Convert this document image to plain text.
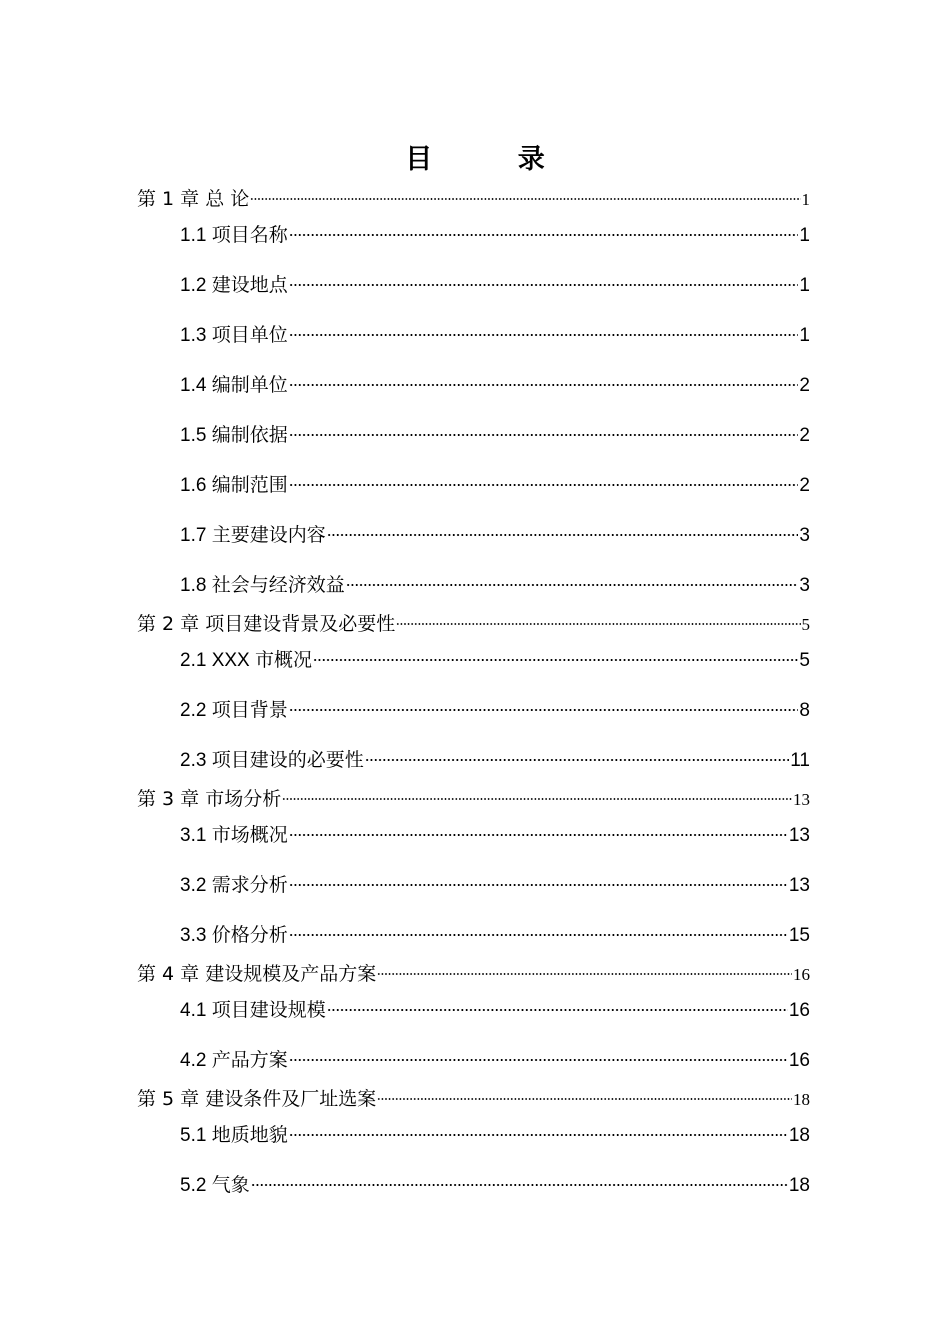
目 录
第 1 章 总 论	1
1.1 项目名称	1
1.2 建设地点	1
1.3 项目单位	1
1.4 编制单位	2
1.5 编制依据	2
1.6 编制范围	2
1.7 主要建设内容	3
1.8 社会与经济效益	3
第 2 章 项目建设背景及必要性	5
2.1 XXX 市概况	5
2.2 项目背景	8
2.3 项目建设的必要性	11
第 3 章 市场分析	13
3.1 市场概况	13
3.2 需求分析	13
3.3 价格分析	15
第 4 章 建设规模及产品方案	16
4.1 项目建设规模	16
4.2 产品方案	16
第 5 章 建设条件及厂址选案	18
5.1 地质地貌	18
5.2 气象	18
